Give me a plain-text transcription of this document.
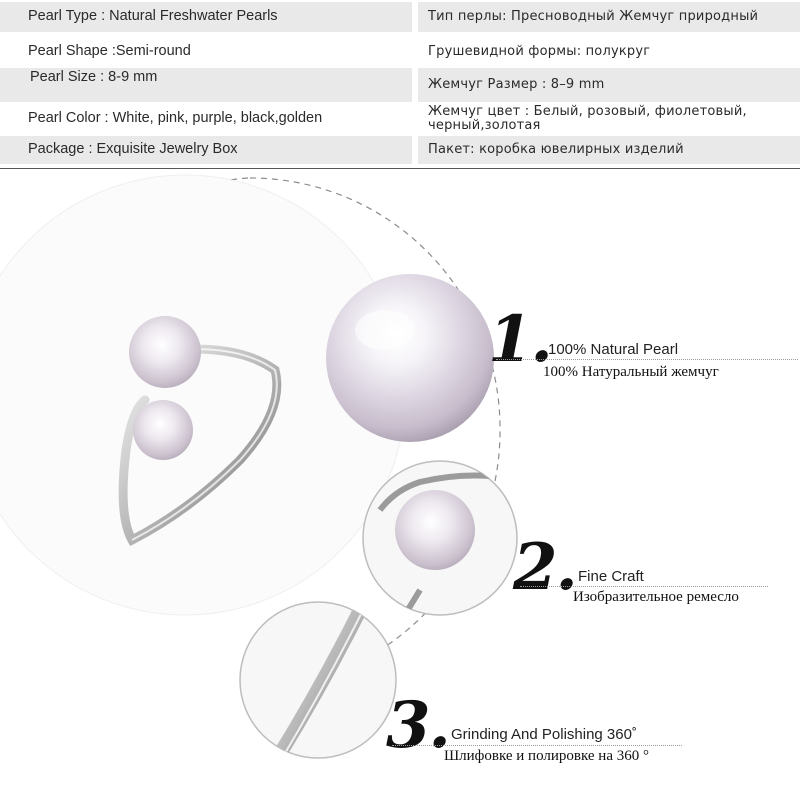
Pearl Type : Natural Freshwater Pearls	Тип перлы: Пресноводный Жемчуг природный
Pearl Shape :Semi-round	Грушевидной формы: полукруг
Pearl Size : 8-9 mm	Жемчуг Размер : 8–9 mm
Pearl Color : White, pink, purple, black,golden	Жемчуг цвет : Белый, розовый, фиолетовый, черный,золотая
Package : Exquisite Jewelry Box	Пакет: коробка ювелирных изделий
1.
100% Natural Pearl
100% Натуральный жемчуг
2. Fine Craft
Изобразительное ремесло
3. Grinding And Polishing 360˚
Шлифовке и полировке на 360 °
